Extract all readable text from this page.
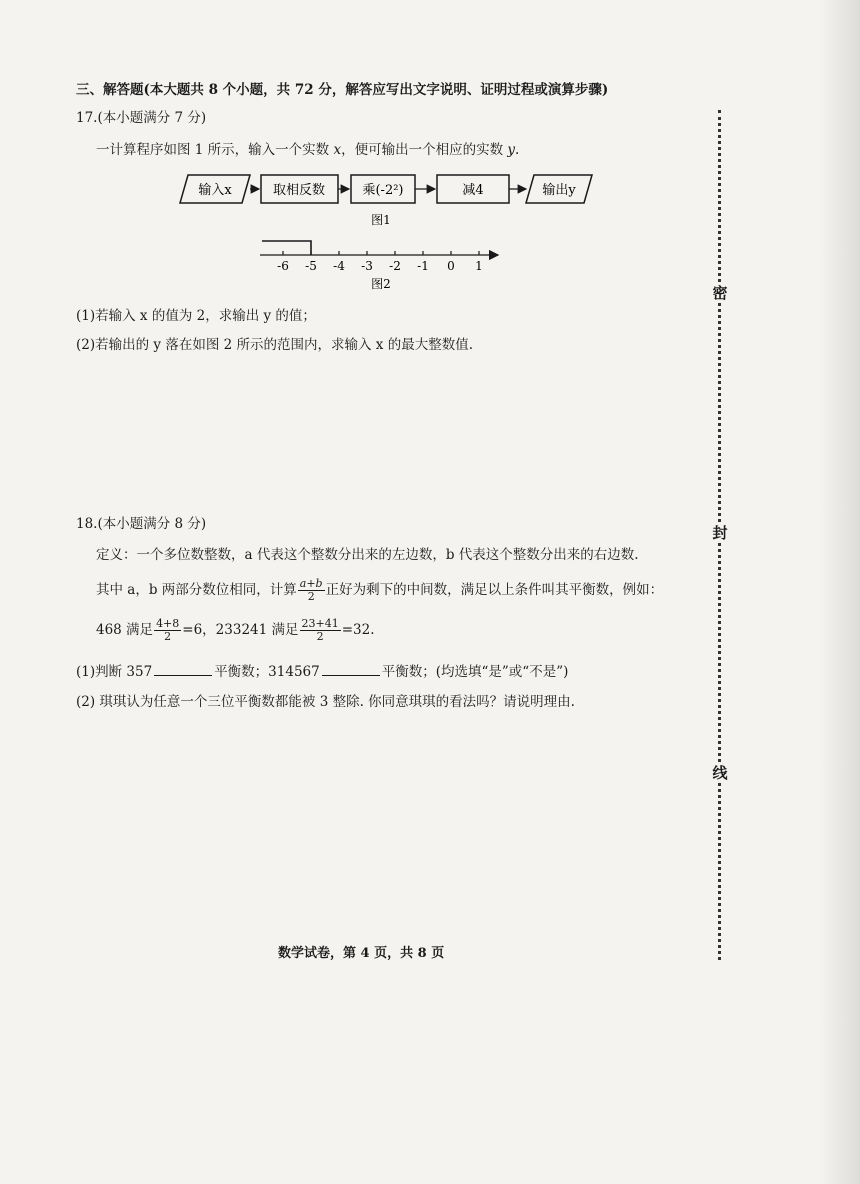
三、解答题(本大题共 8 个小题，共 72 分，解答应写出文字说明、证明过程或演算步骤)
17.(本小题满分 7 分)
一计算程序如图 1 所示，输入一个实数 x，便可输出一个相应的实数 y.
输入x	取相反数	乘(-2²)	减4	输出y
图1
-6 -5 -4 -3 -2 -1 0 1
图2
(1)若输入 x 的值为 2，求输出 y 的值；
(2)若输出的 y 落在如图 2 所示的范围内，求输入 x 的最大整数值.
18.(本小题满分 8 分)
定义：一个多位数整数，a 代表这个整数分出来的左边数，b 代表这个整数分出来的右边数.
其中 a，b 两部分数位相同，计算 $\frac{a+b}{2}$ 正好为剩下的中间数，满足以上条件叫其平衡数，例如：
468 满足 $\frac{4+8}{2} =6$，233241 满足 $\frac{23+41}{2} =32$.
(1)判断 357	平衡数；314567	平衡数；(均选填“是”或“不是”)
(2) 琪琪认为任意一个三位平衡数都能被 3 整除. 你同意琪琪的看法吗？请说明理由.
数学试卷，第 4 页，共 8 页
密
封
线
